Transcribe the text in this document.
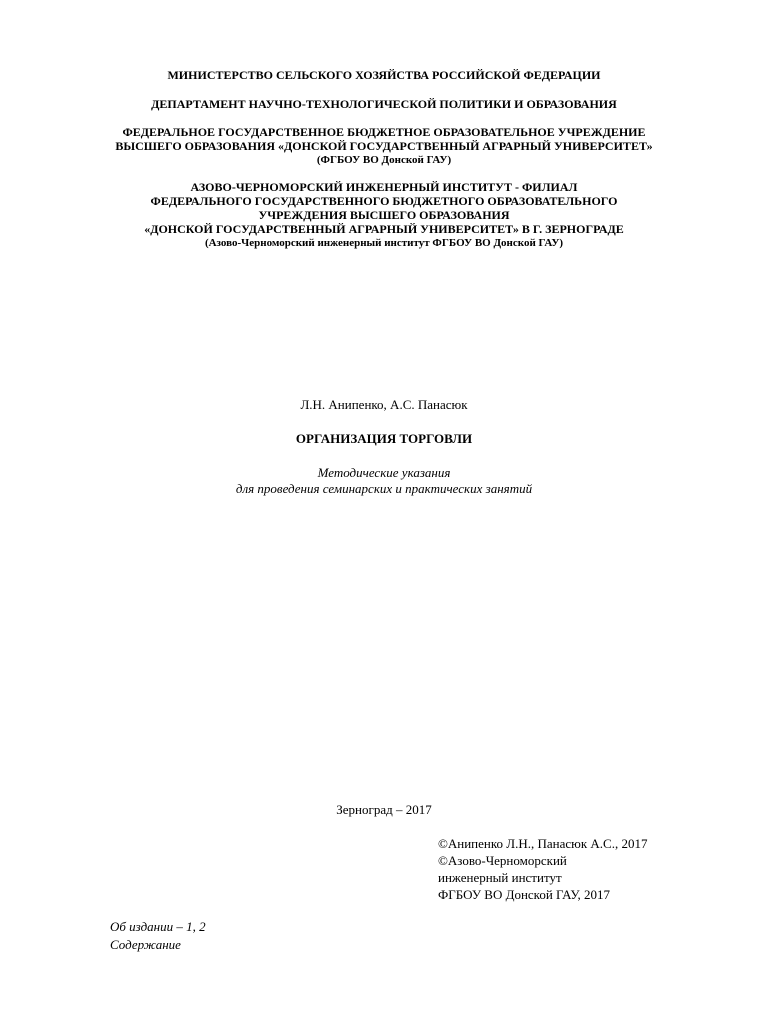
МИНИСТЕРСТВО СЕЛЬСКОГО ХОЗЯЙСТВА РОССИЙСКОЙ ФЕДЕРАЦИИ
ДЕПАРТАМЕНТ НАУЧНО-ТЕХНОЛОГИЧЕСКОЙ ПОЛИТИКИ И ОБРАЗОВАНИЯ
ФЕДЕРАЛЬНОЕ ГОСУДАРСТВЕННОЕ БЮДЖЕТНОЕ ОБРАЗОВАТЕЛЬНОЕ УЧРЕЖДЕНИЕ
ВЫСШЕГО ОБРАЗОВАНИЯ «ДОНСКОЙ ГОСУДАРСТВЕННЫЙ АГРАРНЫЙ УНИВЕРСИТЕТ»
(ФГБОУ ВО Донской ГАУ)
АЗОВО-ЧЕРНОМОРСКИЙ ИНЖЕНЕРНЫЙ ИНСТИТУТ - ФИЛИАЛ
ФЕДЕРАЛЬНОГО ГОСУДАРСТВЕННОГО БЮДЖЕТНОГО ОБРАЗОВАТЕЛЬНОГО
УЧРЕЖДЕНИЯ ВЫСШЕГО ОБРАЗОВАНИЯ
«ДОНСКОЙ ГОСУДАРСТВЕННЫЙ АГРАРНЫЙ УНИВЕРСИТЕТ» В Г. ЗЕРНОГРАДЕ
(Азово-Черноморский инженерный институт ФГБОУ ВО Донской ГАУ)
Л.Н. Анипенко, А.С. Панасюк
ОРГАНИЗАЦИЯ ТОРГОВЛИ
Методические указания
для проведения семинарских и практических занятий
Зерноград – 2017
©Анипенко Л.Н., Панасюк А.С., 2017
©Азово-Черноморский
инженерный институт
ФГБОУ ВО Донской ГАУ, 2017
Об издании – 1, 2
Содержание
